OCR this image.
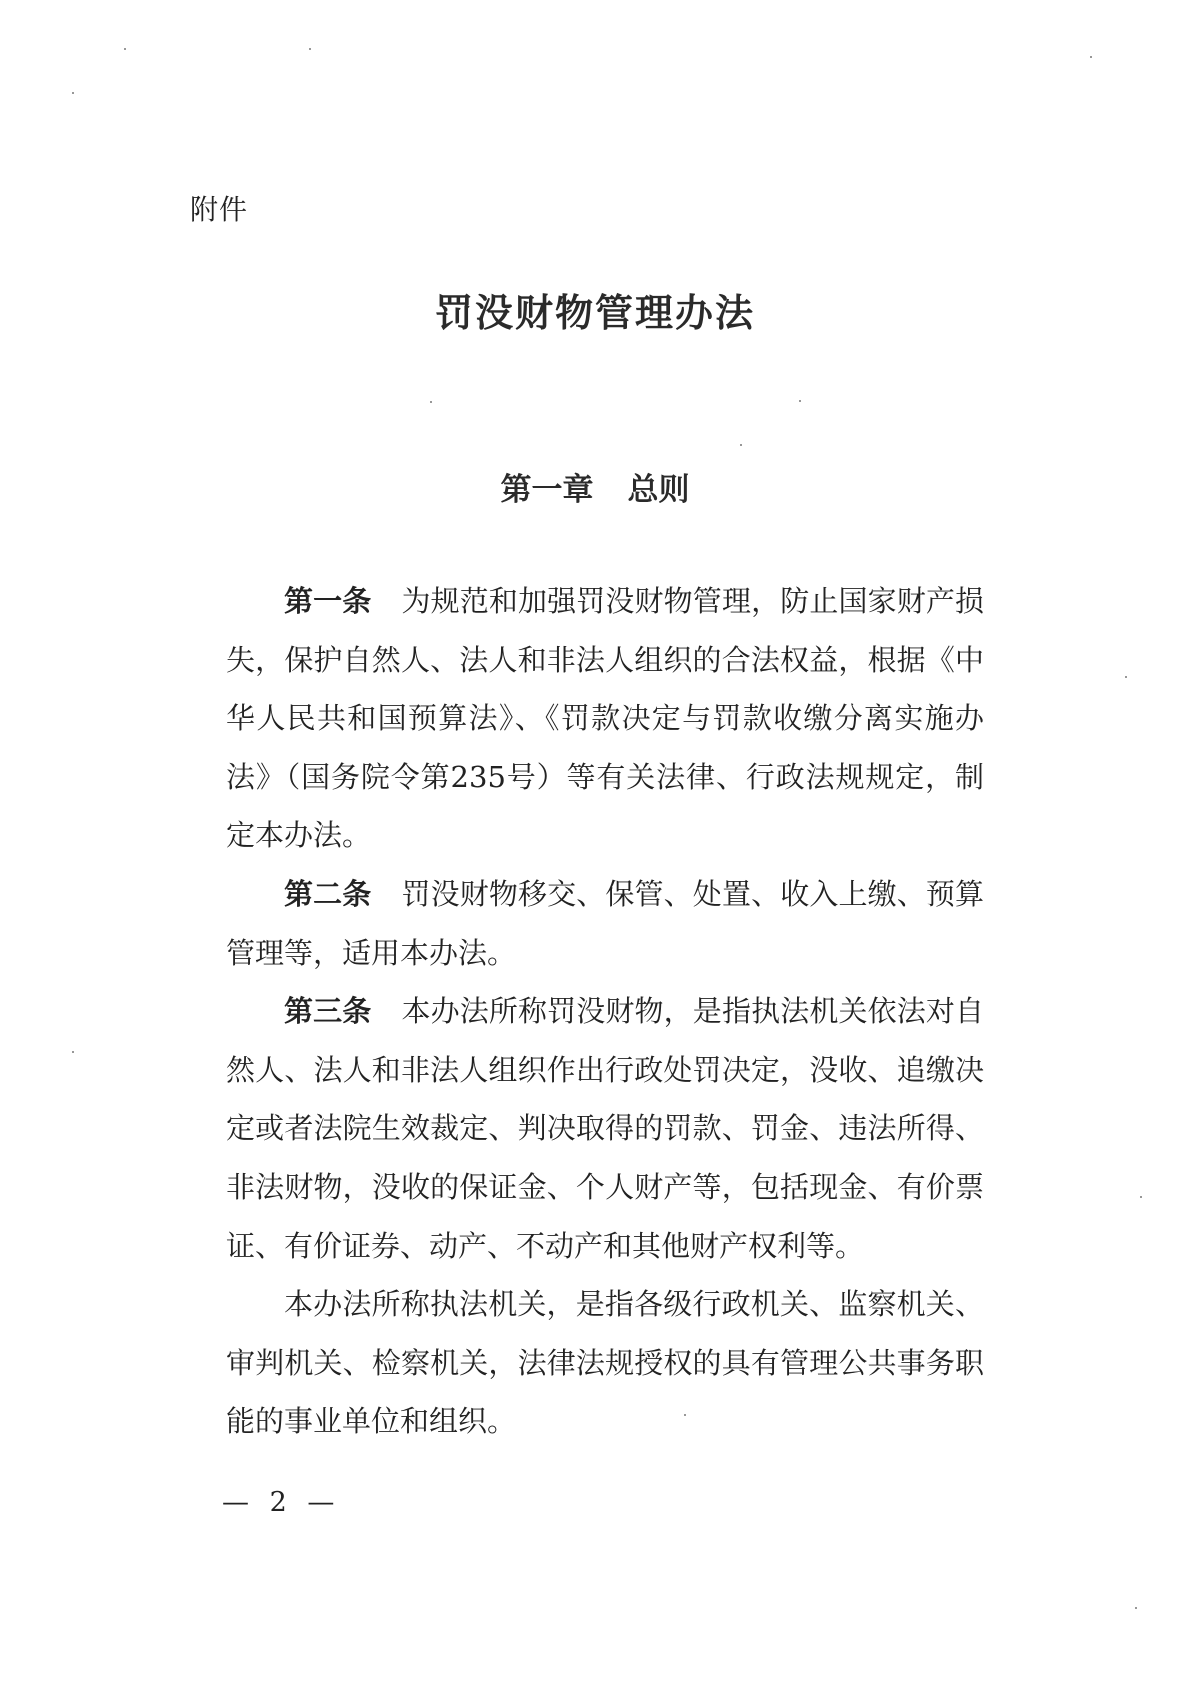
附件
罚没财物管理办法
第一章 总则

第一条 为规范和加强罚没财物管理，防止国家财产损失，保护自然人、法人和非法人组织的合法权益，根据《中华人民共和国预算法》、《罚款决定与罚款收缴分离实施办法》（国务院令第235号）等有关法律、行政法规规定，制定本办法。

第二条 罚没财物移交、保管、处置、收入上缴、预算管理等，适用本办法。

第三条 本办法所称罚没财物，是指执法机关依法对自然人、法人和非法人组织作出行政处罚决定，没收、追缴决定或者法院生效裁定、判决取得的罚款、罚金、违法所得、非法财物，没收的保证金、个人财产等，包括现金、有价票证、有价证券、动产、不动产和其他财产权利等。

本办法所称执法机关，是指各级行政机关、监察机关、审判机关、检察机关，法律法规授权的具有管理公共事务职能的事业单位和组织。

— 2 —
